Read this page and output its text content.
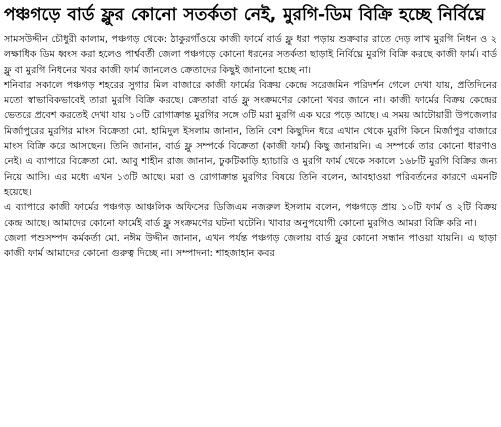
পঞ্চগড়ে বার্ড ফ্লুর কোনো সতর্কতা নেই, মুরগি-ডিম বিক্রি হচ্ছে নির্বিঘ্নে

সামসউদ্দীন চৌধুরী কালাম, পঞ্চগড় থেকে: ঠাকুরগাঁওয়ে কাজী ফার্মে বার্ড ফ্লু ধরা পড়ায় শুক্রবার রাতে দেড় লাখ মুরগি নিধন ও ২ লক্ষাধিক ডিম ধ্বংস করা হলেও পার্শ্ববর্তী জেলা পঞ্চগড়ে কোনো ধরনের সতর্কতা ছাড়াই নির্বিঘ্নে মুরগি বিক্রি করছে কাজী ফার্ম। বার্ড ফ্লু বা মুরগি নিধনের খবর কাজী ফার্ম জানলেও ক্রেতাদের কিছুই জানানো হচ্ছে না।

শনিবার সকালে পঞ্চগড় শহরের সুগার মিল বাজারে কাজী ফার্মের বিক্রয় কেন্দ্রে সরেজমিন পরিদর্শন গেলে দেখা যায়, প্রতিদিনের মতো স্বাভাবিকভাবেই তারা মুরগি বিক্রি করছে। ক্রেতারা বার্ড ফ্লু সংক্রমণের কোনো খবর জানে না। কাজী ফার্মের বিক্রয় কেন্দ্রের ভেতরে প্রবেশ করতেই দেখা যায় ১০টি রোগাক্রান্ত মুরগির সঙ্গে ৩টি মরা মুরগি এক ঘরে পড়ে আছে। এ সময় আটোয়ারী উপজেলার মির্জাপুরের মুরগির মাংস বিক্রেতা মো. হামিদুল ইসলাম জানান, তিনি বেশ কিছুদিন ধরে এখান থেকে মুরগি কিনে মির্জাপুর বাজারে মাংস বিক্রি করে আসছেন। তিনি জানান, বার্ড ফ্লু সম্পর্কে বিক্রেতা (কাজী ফার্ম) কিছু জানায়নি। এ সম্পর্কে তার কোনো ধারণাও নেই। এ ব্যাপারে বিক্রেতা মো. আবু শাহীন রাজ জানান, ঢুকটিকাড়ি হ্যাচারি ও মুরগি ফার্ম থেকে সকালে ১৬৮টি মুরগি বিক্রির জন্য নিয়ে আসি। এর মধ্যে এখন ১৩টি আছে। মরা ও রোগাক্রান্ত মুরগির বিষয়ে তিনি বলেন, আবহাওয়া পরিবর্তনের কারণে এমনটি হয়েছে।

এ ব্যাপারে কাজী ফার্মের পঞ্চগড় আঞ্চলিক অফিসের ডিজিএম নজরুল ইসলাম বলেন, পঞ্চগড়ে প্রায় ১০টি ফার্ম ও ২টি বিক্রয় কেন্দ্র আছে। আমাদের কোনো ফার্মেই বার্ড ফ্লু সংক্রমণের ঘটনা ঘটেনি। খাবার অনুপযোগী কোনো মুরগিও আমরা বিক্রি করি না।

জেলা পশুসম্পদ কর্মকর্তা মো. নঈম উদ্দীন জানান, এখন পর্যন্ত পঞ্চগড় জেলায় বার্ড ফ্লুর কোনো সন্ধান পাওয়া যায়নি। এ ছাড়া কাজী ফার্ম আমাদের কোনো গুরুত্ব দিচ্ছে না। সম্পাদনা: শাহজাহান কবর
